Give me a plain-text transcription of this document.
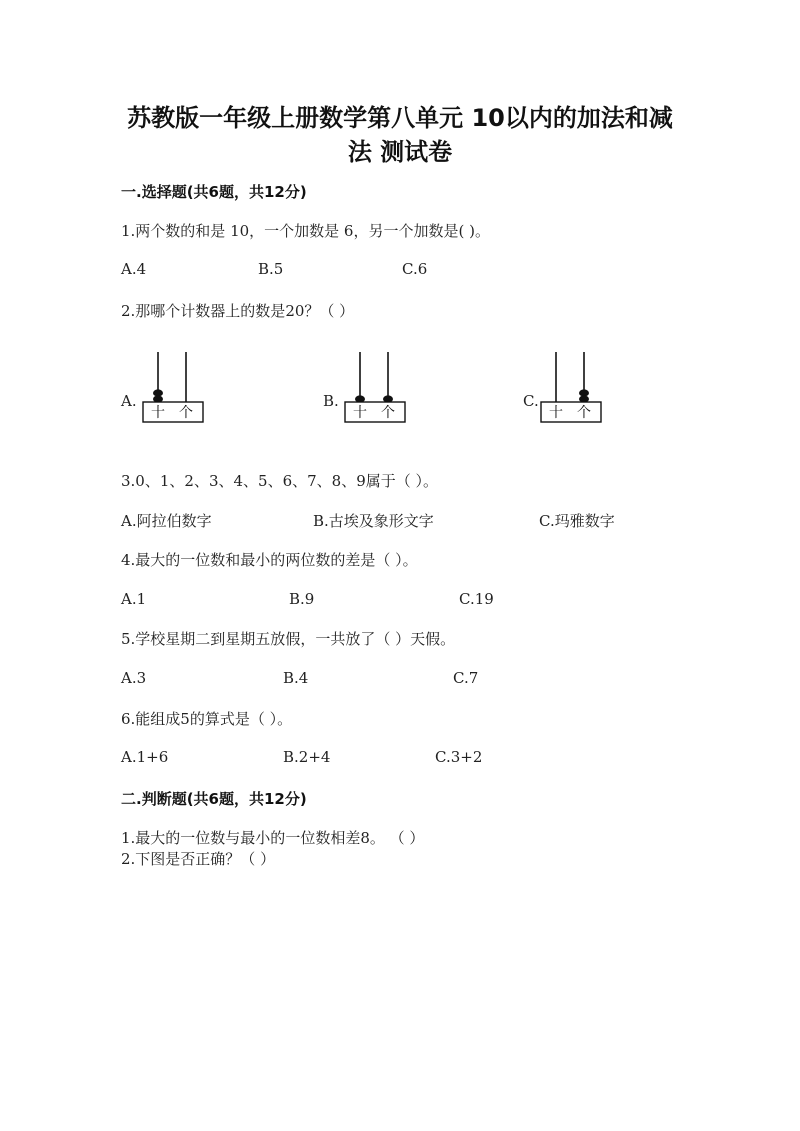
苏教版一年级上册数学第八单元 10以内的加法和减
法 测试卷
一.选择题(共6题，共12分)
1.两个数的和是 10，一个加数是 6，另一个加数是( )。
A.4	B.5	C.6
2.那哪个计数器上的数是20？（ ）
A.
十 个
B.
十 个
C.
十 个
3.0、1、2、3、4、5、6、7、8、9属于（ ）。
A.阿拉伯数字	B.古埃及象形文字	C.玛雅数字
4.最大的一位数和最小的两位数的差是（ ）。
A.1	B.9	C.19
5.学校星期二到星期五放假，一共放了（ ）天假。
A.3	B.4	C.7
6.能组成5的算式是（ ）。
A.1+6	B.2+4	C.3+2
二.判断题(共6题，共12分)
1.最大的一位数与最小的一位数相差8。 （ ）
2.下图是否正确？（ ）
